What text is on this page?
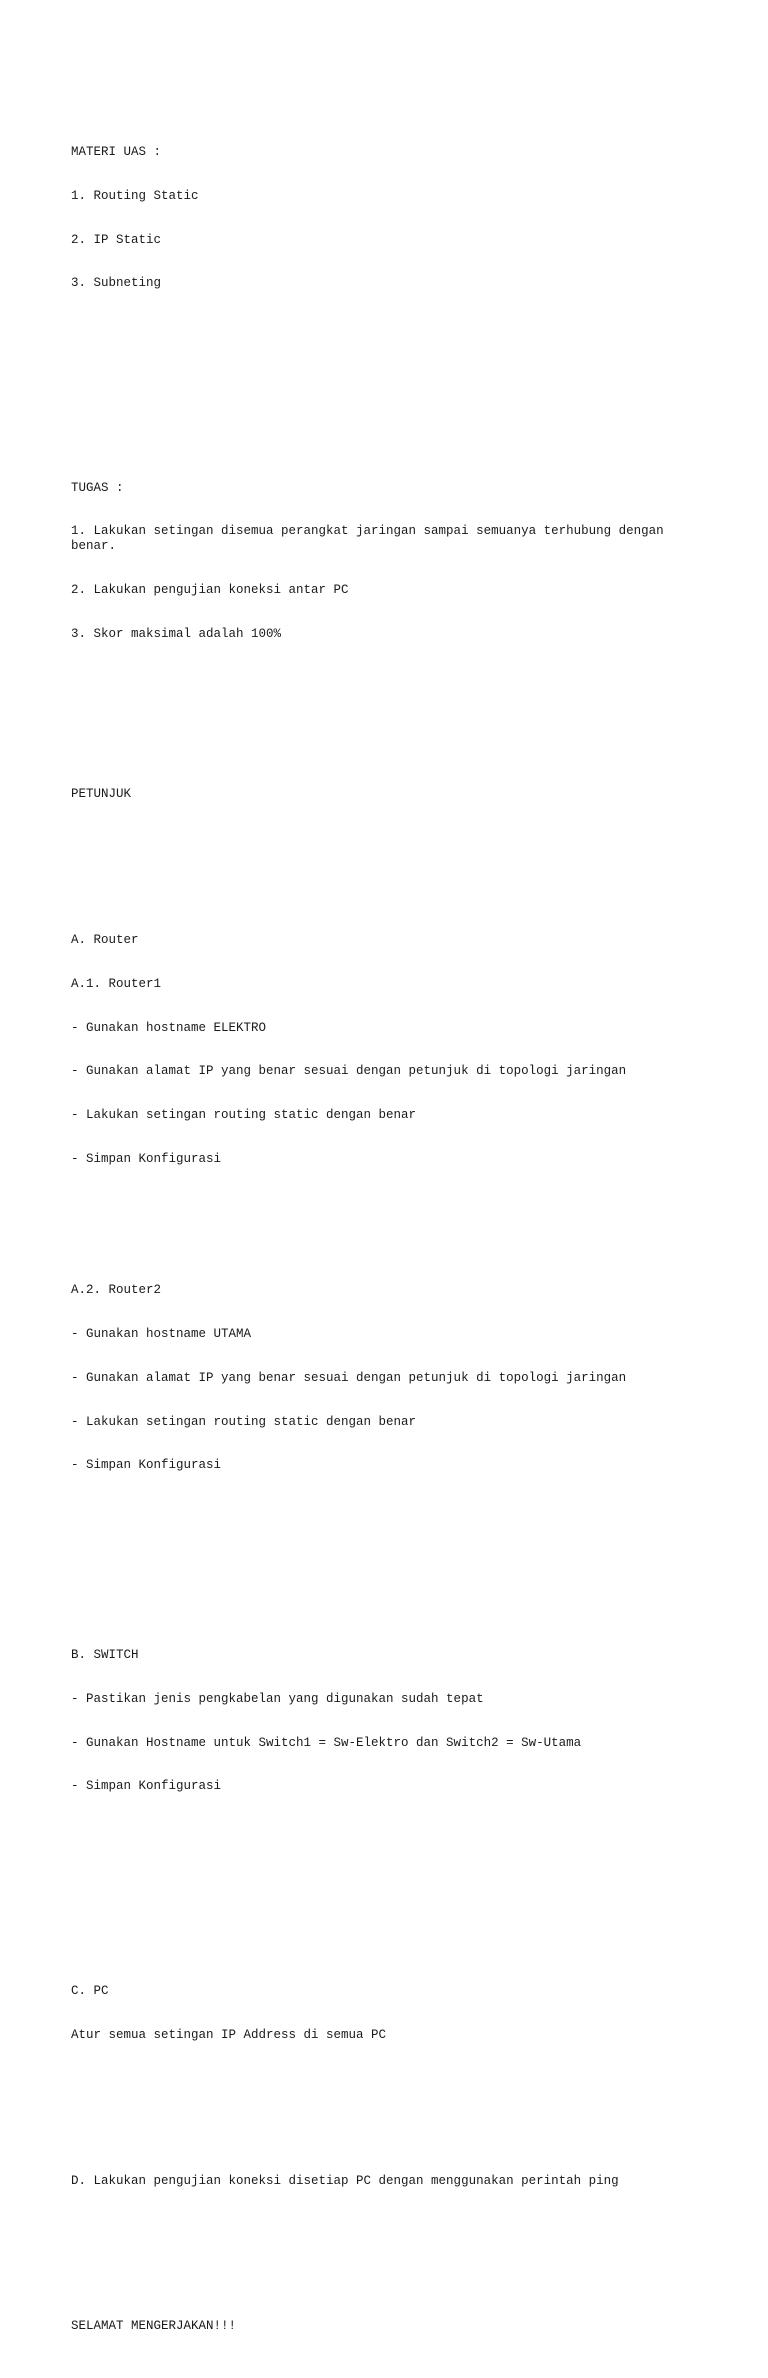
MATERI UAS :

1. Routing Static

2. IP Static

3. Subneting

TUGAS :

1. Lakukan setingan disemua perangkat jaringan sampai semuanya terhubung dengan benar.

2. Lakukan pengujian koneksi antar PC

3. Skor maksimal adalah 100%

PETUNJUK

A. Router

A.1. Router1

- Gunakan hostname ELEKTRO

- Gunakan alamat IP yang benar sesuai dengan petunjuk di topologi jaringan

- Lakukan setingan routing static dengan benar

- Simpan Konfigurasi

A.2. Router2

- Gunakan hostname UTAMA

- Gunakan alamat IP yang benar sesuai dengan petunjuk di topologi jaringan

- Lakukan setingan routing static dengan benar

- Simpan Konfigurasi

B. SWITCH

- Pastikan jenis pengkabelan yang digunakan sudah tepat

- Gunakan Hostname untuk Switch1 = Sw-Elektro dan Switch2 = Sw-Utama

- Simpan Konfigurasi

C. PC

Atur semua setingan IP Address di semua PC

D. Lakukan pengujian koneksi disetiap PC dengan menggunakan perintah ping

SELAMAT MENGERJAKAN!!!
